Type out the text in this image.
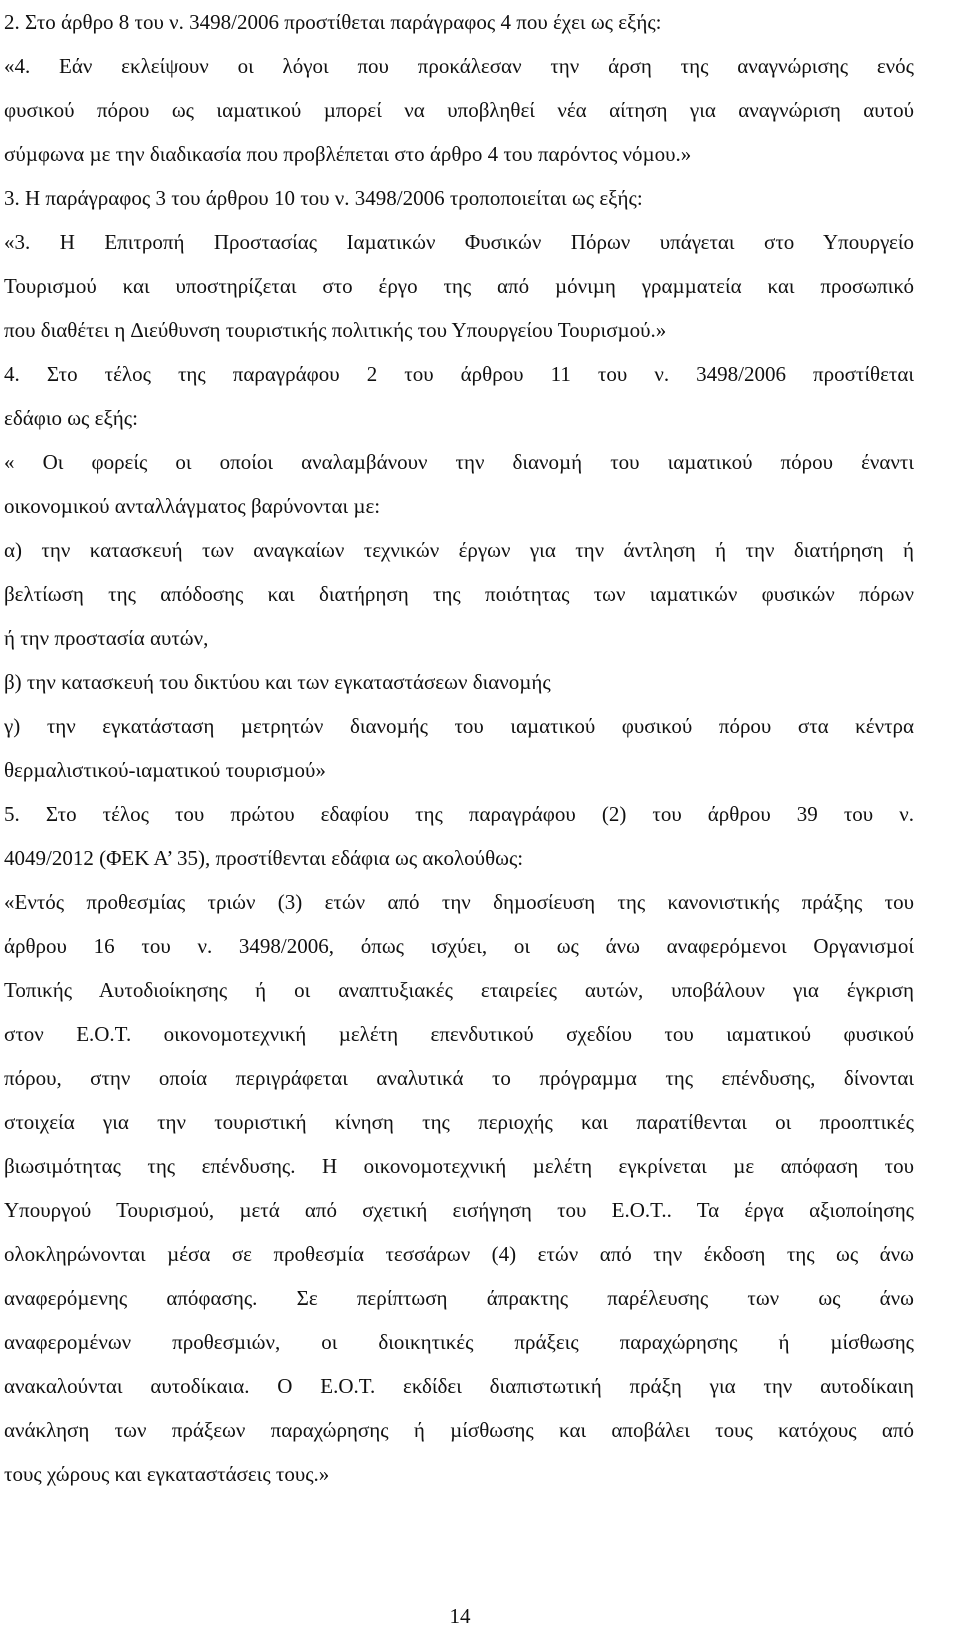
2. Στο άρθρο 8 του ν. 3498/2006 προστίθεται παράγραφος 4 που έχει ως εξής:
«4. Εάν εκλείψουν οι λόγοι που προκάλεσαν την άρση της αναγνώρισης ενός
φυσικού πόρου ως ιαµατικού µπορεί να υποβληθεί νέα αίτηση για αναγνώριση αυτού
σύµφωνα µε την διαδικασία που προβλέπεται στο άρθρο 4 του παρόντος νόµου.»
3. Η παράγραφος 3 του άρθρου 10 του ν. 3498/2006 τροποποιείται ως εξής:
«3. Η Επιτροπή Προστασίας Ιαµατικών Φυσικών Πόρων υπάγεται στο Υπουργείο
Τουρισµού και υποστηρίζεται στο έργο της από µόνιµη γραµµατεία και προσωπικό
που διαθέτει η ∆ιεύθυνση τουριστικής πολιτικής του Υπουργείου Τουρισµού.»
4. Στο τέλος της παραγράφου 2 του άρθρου 11 του ν. 3498/2006 προστίθεται
εδάφιο ως εξής:
« Οι φορείς οι οποίοι αναλαµβάνουν την διανοµή του ιαµατικού πόρου έναντι
οικονοµικού ανταλλάγµατος βαρύνονται µε:
α) την κατασκευή των αναγκαίων τεχνικών έργων για την άντληση ή την διατήρηση ή
βελτίωση της απόδοσης και διατήρηση της ποιότητας των ιαµατικών φυσικών πόρων
ή την προστασία αυτών,
β) την κατασκευή του δικτύου και των εγκαταστάσεων διανοµής
γ) την εγκατάσταση µετρητών διανοµής του ιαµατικού φυσικού πόρου στα κέντρα
θερµαλιστικού-ιαµατικού τουρισµού»
5. Στο τέλος του πρώτου εδαφίου της παραγράφου (2) του άρθρου 39 του ν.
4049/2012 (ΦΕΚ Α’ 35), προστίθενται εδάφια ως ακολούθως:
«Εντός προθεσµίας τριών (3) ετών από την δηµοσίευση της κανονιστικής πράξης του
άρθρου 16 του ν. 3498/2006, όπως ισχύει, οι ως άνω αναφερόµενοι Οργανισµοί
Τοπικής Αυτοδιοίκησης ή οι αναπτυξιακές εταιρείες αυτών, υποβάλουν για έγκριση
στον Ε.Ο.Τ. οικονοµοτεχνική µελέτη επενδυτικού σχεδίου του ιαµατικού φυσικού
πόρου, στην οποία περιγράφεται αναλυτικά το πρόγραµµα της επένδυσης, δίνονται
στοιχεία για την τουριστική κίνηση της περιοχής και παρατίθενται οι προοπτικές
βιωσιµότητας της επένδυσης. Η οικονοµοτεχνική µελέτη εγκρίνεται µε απόφαση του
Υπουργού Τουρισµού, µετά από σχετική εισήγηση του Ε.Ο.Τ.. Τα έργα αξιοποίησης
ολοκληρώνονται µέσα σε προθεσµία τεσσάρων (4) ετών από την έκδοση της ως άνω
αναφερόµενης απόφασης. Σε περίπτωση άπρακτης παρέλευσης των ως άνω
αναφεροµένων προθεσµιών, οι διοικητικές πράξεις παραχώρησης ή µίσθωσης
ανακαλούνται αυτοδίκαια. Ο Ε.Ο.Τ. εκδίδει διαπιστωτική πράξη για την αυτοδίκαιη
ανάκληση των πράξεων παραχώρησης ή µίσθωσης και αποβάλει τους κατόχους από
τους χώρους και εγκαταστάσεις τους.»
14
